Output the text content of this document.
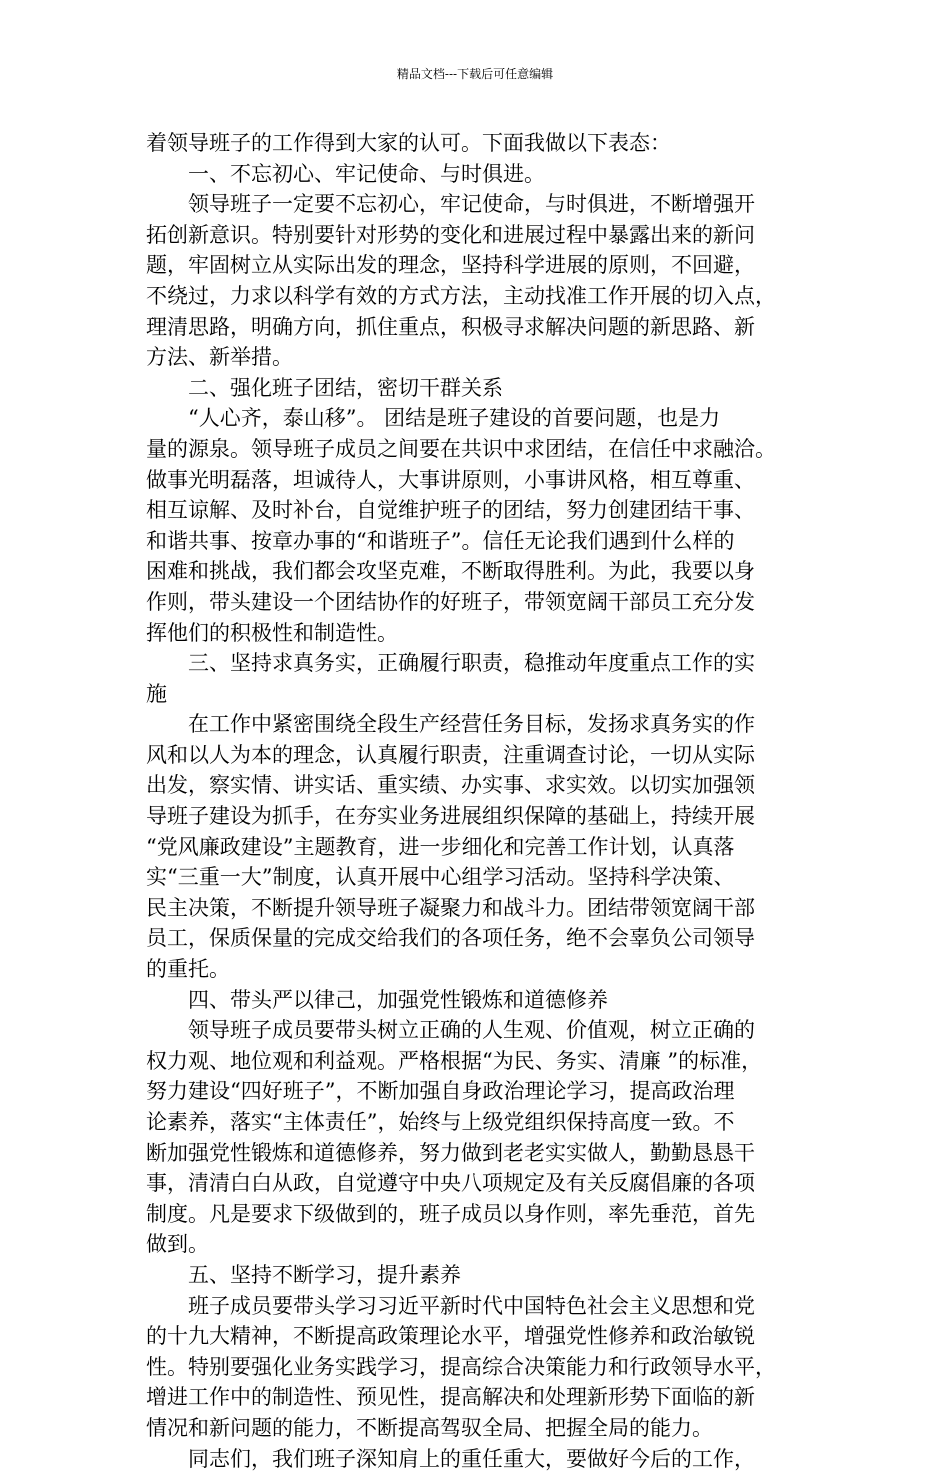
精品文档---下载后可任意编辑
着领导班子的工作得到大家的认可。下面我做以下表态：
一、不忘初心、牢记使命、与时俱进。
领导班子一定要不忘初心，牢记使命，与时俱进，不断增强开
拓创新意识。特别要针对形势的变化和进展过程中暴露出来的新问
题，牢固树立从实际出发的理念，坚持科学进展的原则，不回避，
不绕过，力求以科学有效的方式方法，主动找准工作开展的切入点，
理清思路，明确方向，抓住重点，积极寻求解决问题的新思路、新
方法、新举措。
二、强化班子团结，密切干群关系
“人心齐，泰山移”。 团结是班子建设的首要问题，也是力
量的源泉。领导班子成员之间要在共识中求团结，在信任中求融洽。
做事光明磊落，坦诚待人，大事讲原则，小事讲风格，相互尊重、
相互谅解、及时补台，自觉维护班子的团结，努力创建团结干事、
和谐共事、按章办事的“和谐班子”。信任无论我们遇到什么样的
困难和挑战，我们都会攻坚克难，不断取得胜利。为此，我要以身
作则，带头建设一个团结协作的好班子，带领宽阔干部员工充分发
挥他们的积极性和制造性。
三、坚持求真务实，正确履行职责，稳推动年度重点工作的实
施
在工作中紧密围绕全段生产经营任务目标，发扬求真务实的作
风和以人为本的理念，认真履行职责，注重调查讨论，一切从实际
出发，察实情、讲实话、重实绩、办实事、求实效。以切实加强领
导班子建设为抓手，在夯实业务进展组织保障的基础上，持续开展
“党风廉政建设”主题教育，进一步细化和完善工作计划，认真落
实“三重一大”制度，认真开展中心组学习活动。坚持科学决策、
民主决策，不断提升领导班子凝聚力和战斗力。团结带领宽阔干部
员工，保质保量的完成交给我们的各项任务，绝不会辜负公司领导
的重托。
四、带头严以律己，加强党性锻炼和道德修养
领导班子成员要带头树立正确的人生观、价值观，树立正确的
权力观、地位观和利益观。严格根据“为民、务实、清廉 ”的标准，
努力建设“四好班子”，不断加强自身政治理论学习，提高政治理
论素养，落实“主体责任”，始终与上级党组织保持高度一致。不
断加强党性锻炼和道德修养，努力做到老老实实做人，勤勤恳恳干
事，清清白白从政，自觉遵守中央八项规定及有关反腐倡廉的各项
制度。凡是要求下级做到的，班子成员以身作则，率先垂范，首先
做到。
五、坚持不断学习，提升素养
班子成员要带头学习习近平新时代中国特色社会主义思想和党
的十九大精神，不断提高政策理论水平，增强党性修养和政治敏锐
性。特别要强化业务实践学习，提高综合决策能力和行政领导水平，
增进工作中的制造性、预见性，提高解决和处理新形势下面临的新
情况和新问题的能力，不断提高驾驭全局、把握全局的能力。
同志们，我们班子深知肩上的重任重大，要做好今后的工作，
